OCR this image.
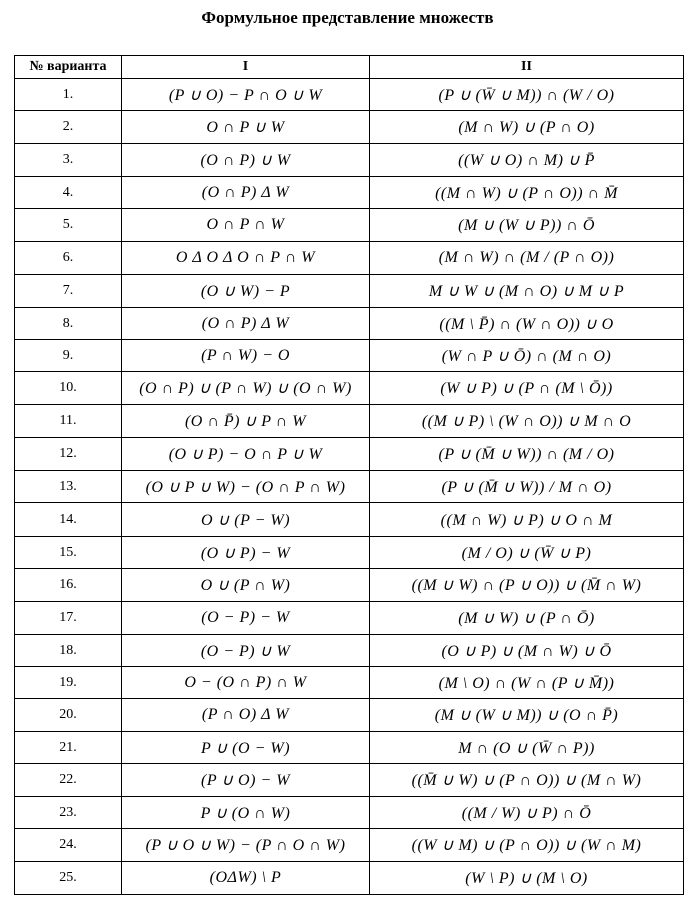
Формульное представление множеств
№ варианта	I	II
1.	(P ∪ O) − P ∩ O ∪ W	(P ∪ (W̄ ∪ M)) ∩ (W / O)
2.	O ∩ P ∪ W	(M ∩ W) ∪ (P ∩ O)
3.	(O ∩ P) ∪ W	((W ∪ O) ∩ M) ∪ P̄
4.	(O ∩ P) Δ W	((M ∩ W) ∪ (P ∩ O)) ∩ M̄
5.	O ∩ P ∩ W	(M ∪ (W ∪ P)) ∩ Ō
6.	O Δ O Δ O ∩ P ∩ W	(M ∩ W) ∩ (M / (P ∩ O))
7.	(O ∪ W) − P	M ∪ W ∪ (M ∩ O) ∪ M ∪ P
8.	(O ∩ P) Δ W	((M \ P̄) ∩ (W ∩ O)) ∪ O
9.	(P ∩ W) − O	(W ∩ P ∪ Ō) ∩ (M ∩ O)
10.	(O ∩ P) ∪ (P ∩ W) ∪ (O ∩ W)	(W ∪ P) ∪ (P ∩ (M \ Ō))
11.	(O ∩ P̄) ∪ P ∩ W	((M ∪ P) \ (W ∩ O)) ∪ M ∩ O
12.	(O ∪ P) − O ∩ P ∪ W	(P ∪ (M̄ ∪ W)) ∩ (M / O)
13.	(O ∪ P ∪ W) − (O ∩ P ∩ W)	(P ∪ (M̄ ∪ W)) / M ∩ O)
14.	O ∪ (P − W)	((M ∩ W) ∪ P) ∪ O ∩ M
15.	(O ∪ P) − W	(M / O) ∪ (W̄ ∪ P)
16.	O ∪ (P ∩ W)	((M ∪ W) ∩ (P ∪ O)) ∪ (M̄ ∩ W)
17.	(O − P) − W	(M ∪ W) ∪ (P ∩ Ō)
18.	(O − P) ∪ W	(O ∪ P) ∪ (M ∩ W) ∪ Ō
19.	O − (O ∩ P) ∩ W	(M \ O) ∩ (W ∩ (P ∪ M̄))
20.	(P ∩ O) Δ W	(M ∪ (W ∪ M)) ∪ (O ∩ P̄)
21.	P ∪ (O − W)	M ∩ (O ∪ (W̄ ∩ P))
22.	(P ∪ O) − W	((M̄ ∪ W) ∪ (P ∩ O)) ∪ (M ∩ W)
23.	P ∪ (O ∩ W)	((M / W) ∪ P) ∩ Ō
24.	(P ∪ O ∪ W) − (P ∩ O ∩ W)	((W ∪ M) ∪ (P ∩ O)) ∪ (W ∩ M)
25.	(OΔW) \ P	(W \ P) ∪ (M \ O)
